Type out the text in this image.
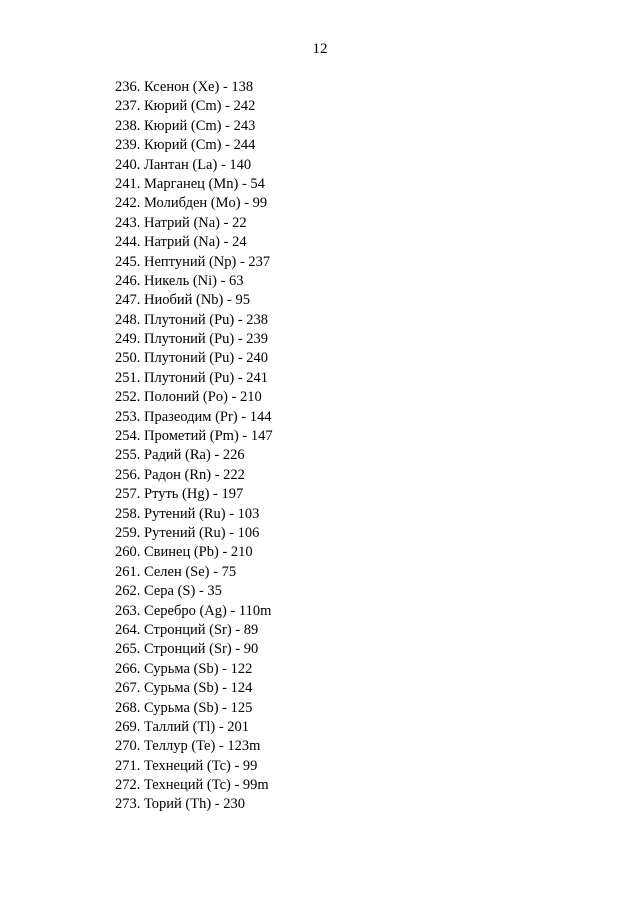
12
236. Ксенон (Xe) - 138
237. Кюрий (Cm) - 242
238. Кюрий (Cm) - 243
239. Кюрий (Cm) - 244
240. Лантан (La) - 140
241. Марганец (Mn) - 54
242. Молибден (Mo) - 99
243. Натрий (Na) - 22
244. Натрий (Na) - 24
245. Нептуний (Np) - 237
246. Никель (Ni) - 63
247. Ниобий (Nb) - 95
248. Плутоний (Pu) - 238
249. Плутоний (Pu) - 239
250. Плутоний (Pu) - 240
251. Плутоний (Pu) - 241
252. Полоний (Po) - 210
253. Празеодим (Pr) - 144
254. Прометий (Pm) - 147
255. Радий (Ra) - 226
256. Радон (Rn) - 222
257. Ртуть (Hg) - 197
258. Рутений (Ru) - 103
259. Рутений (Ru) - 106
260. Свинец (Pb) - 210
261. Селен (Se) - 75
262. Сера (S) - 35
263. Серебро (Ag) - 110m
264. Стронций (Sr) - 89
265. Стронций (Sr) - 90
266. Сурьма (Sb) - 122
267. Сурьма (Sb) - 124
268. Сурьма (Sb) - 125
269. Таллий (Tl) - 201
270. Теллур (Te) - 123m
271. Технеций (Tc) - 99
272. Технеций (Tc) - 99m
273. Торий (Th) - 230
